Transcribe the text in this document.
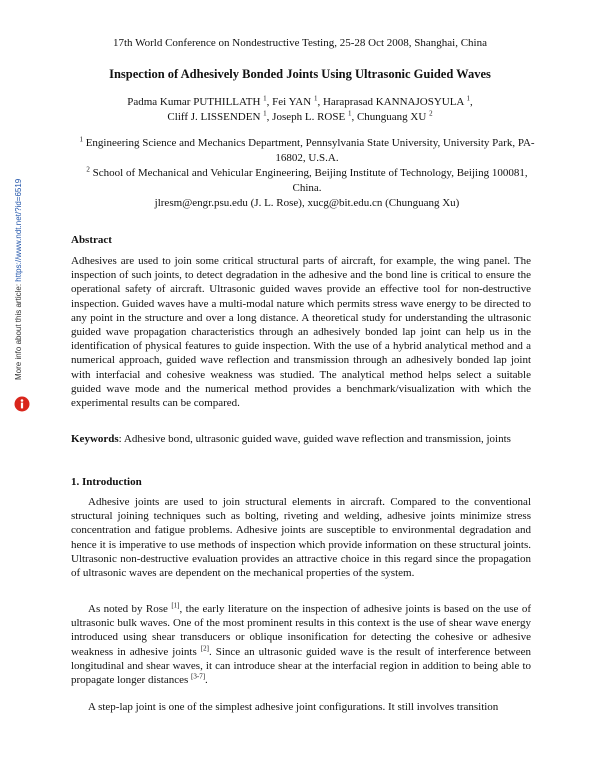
17th World Conference on Nondestructive Testing, 25-28 Oct 2008, Shanghai, China
Inspection of Adhesively Bonded Joints Using Ultrasonic Guided Waves
Padma Kumar PUTHILLATH $^1$, Fei YAN $^1$, Haraprasad KANNAJOSYULA $^1$,
Cliff J. LISSENDEN $^1$, Joseph L. ROSE $^1$, Chunguang XU $^2$

$^1$ Engineering Science and Mechanics Department, Pennsylvania State University, University Park, PA-16802, U.S.A.

$^2$ School of Mechanical and Vehicular Engineering, Beijing Institute of Technology, Beijing 100081, China.

jlresm@engr.psu.edu (J. L. Rose), xucg@bit.edu.cn (Chunguang Xu)

Abstract

Adhesives are used to join some critical structural parts of aircraft, for example, the wing panel. The inspection of such joints, to detect degradation in the adhesive and the bond line is critical to ensure the operational safety of aircraft. Ultrasonic guided waves provide an effective tool for non-destructive inspection. Guided waves have a multi-modal nature which permits stress wave energy to be directed to any point in the structure and over a long distance. A theoretical study for understanding the ultrasonic guided wave propagation characteristics through an adhesively bonded lap joint can help us in the identification of physical features to guide inspection. With the use of a hybrid analytical method and a numerical approach, guided wave reflection and transmission through an adhesively bonded lap joint with interfacial and cohesive weakness was studied. The analytical method helps select a suitable guided wave mode and the numerical method provides a benchmark/visualization with which the experimental results can be compared.

Keywords: Adhesive bond, ultrasonic guided wave, guided wave reflection and transmission, joints

1. Introduction

Adhesive joints are used to join structural elements in aircraft. Compared to the conventional structural joining techniques such as bolting, riveting and welding, adhesive joints minimize stress concentration and fatigue problems. Adhesive joints are susceptible to environmental degradation and hence it is imperative to use methods of inspection which provide information on these structural joints. Ultrasonic non-destructive evaluation provides an attractive choice in this regard since the propagation of ultrasonic waves are dependent on the mechanical properties of the system.

As noted by Rose [1], the early literature on the inspection of adhesive joints is based on the use of ultrasonic bulk waves. One of the most prominent results in this context is the use of shear wave energy introduced using shear transducers or oblique insonification for detecting the cohesive or adhesive weakness in adhesive joints [2]. Since an ultrasonic guided wave is the result of interference between longitudinal and shear waves, it can introduce shear at the interfacial region in addition to being able to propagate longer distances [3-7].

A step-lap joint is one of the simplest adhesive joint configurations. It still involves transition

More info about this article: https://www.ndt.net/?id=6519
